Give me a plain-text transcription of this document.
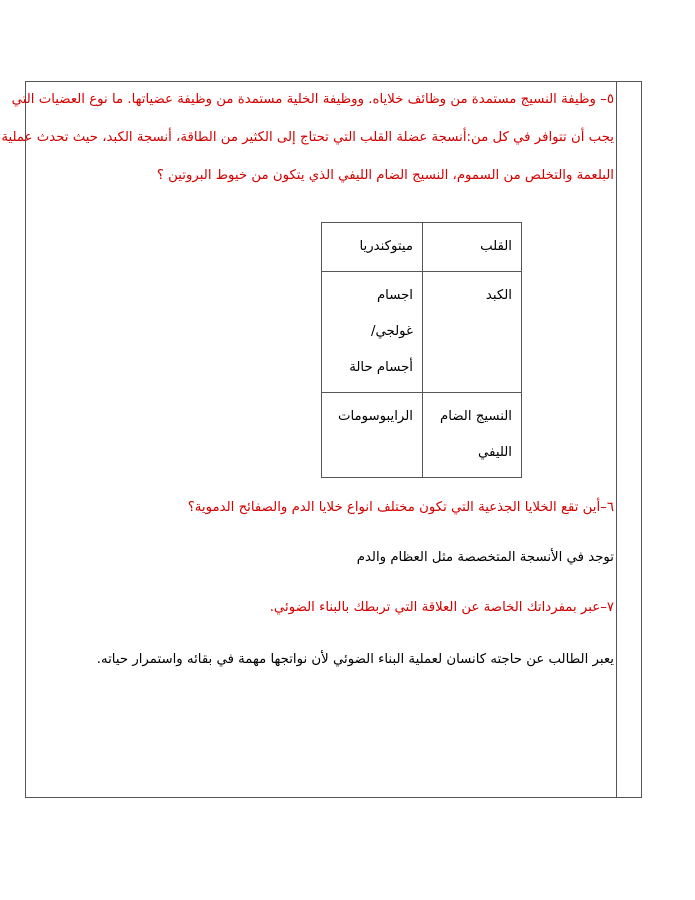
٥– وظيفة النسيج مستمدة من وظائف خلاياه. ووظيفة الخلية مستمدة من وظيفة عضياتها. ما نوع العضيات التي
يجب أن تتوافر في كل من:أنسجة عضلة القلب التي تحتاج إلى الكثير من الطاقة، أنسجة الكبد، حيث تحدث عملية
البلعمة والتخلص من السموم، النسيج الضام الليفي الذي يتكون من خيوط البروتين ؟
القلب	ميتوكندريا

الكبد	اجسام غولجي/
أجسام حالة

النسيج الضام
الليفي	الرايبوسومات
٦–أين تقع الخلايا الجذعية التي تكون مختلف انواع خلايا الدم والصفائح الدموية؟
توجد في الأنسجة المتخصصة مثل العظام والدم
٧–عبر بمفرداتك الخاصة عن العلاقة التي تربطك بالبناء الضوئي.
يعبر الطالب عن حاجته كانسان لعملية البناء الضوئي لأن نواتجها مهمة في بقائه واستمرار حياته.
